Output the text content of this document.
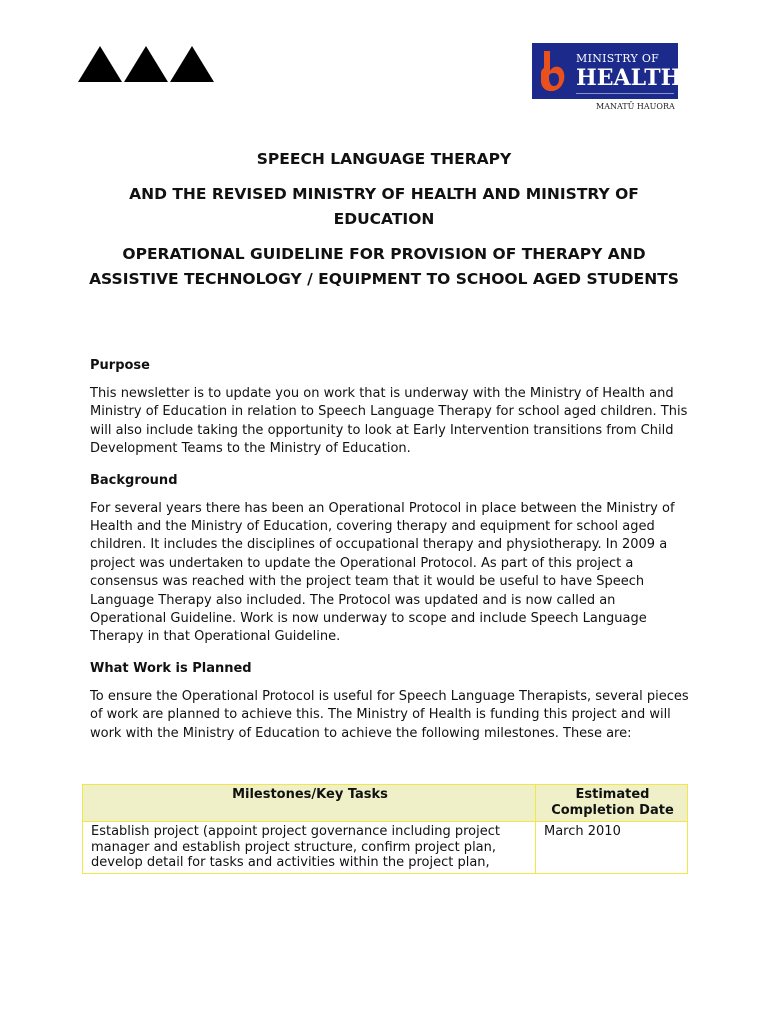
MINISTRY OF
HEALTH
MANATŪ HAUORA
SPEECH LANGUAGE THERAPY
AND THE REVISED MINISTRY OF HEALTH AND MINISTRY OF EDUCATION
OPERATIONAL GUIDELINE FOR PROVISION OF THERAPY AND ASSISTIVE TECHNOLOGY / EQUIPMENT TO SCHOOL AGED STUDENTS
Purpose

This newsletter is to update you on work that is underway with the Ministry of Health and Ministry of Education in relation to Speech Language Therapy for school aged children. This will also include taking the opportunity to look at Early Intervention transitions from Child Development Teams to the Ministry of Education.

Background

For several years there has been an Operational Protocol in place between the Ministry of Health and the Ministry of Education, covering therapy and equipment for school aged children. It includes the disciplines of occupational therapy and physiotherapy. In 2009 a project was undertaken to update the Operational Protocol. As part of this project a consensus was reached with the project team that it would be useful to have Speech Language Therapy also included. The Protocol was updated and is now called an Operational Guideline. Work is now underway to scope and include Speech Language Therapy in that Operational Guideline.

What Work is Planned

To ensure the Operational Protocol is useful for Speech Language Therapists, several pieces of work are planned to achieve this. The Ministry of Health is funding this project and will work with the Ministry of Education to achieve the following milestones. These are:

Milestones/Key Tasks	Estimated Completion Date
Establish project (appoint project governance including project manager and establish project structure, confirm project plan, develop detail for tasks and activities within the project plan,	March 2010
